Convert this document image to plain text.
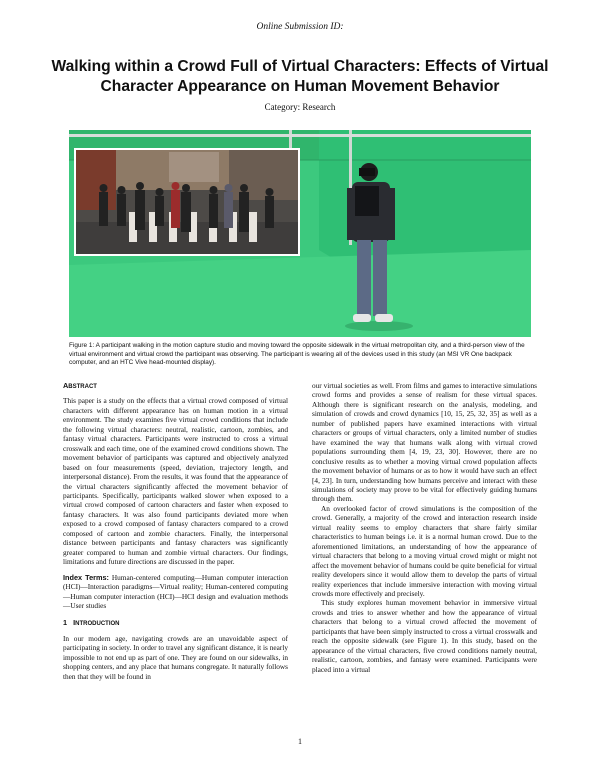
Online Submission ID:
Walking within a Crowd Full of Virtual Characters: Effects of Virtual Character Appearance on Human Movement Behavior
Category: Research
Figure 1: A participant walking in the motion capture studio and moving toward the opposite sidewalk in the virtual metropolitan city, and a third-person view of the virtual environment and virtual crowd the participant was observing. The participant is wearing all of the devices used in this study (an MSI VR One backpack computer, and an HTC Vive head-mounted display).
ABSTRACT

This paper is a study on the effects that a virtual crowd composed of virtual characters with different appearance has on human motion in a virtual environment. The study examines five virtual crowd conditions that include the following virtual characters: neutral, realistic, cartoon, zombies, and fantasy virtual characters. Participants were instructed to cross a virtual crosswalk and each time, one of the examined crowd conditions shown. The movement behavior of participants was captured and objectively analyzed based on four measurements (speed, deviation, trajectory length, and interpersonal distance). From the results, it was found that the appearance of the virtual characters significantly affected the movement behavior of participants. Specifically, participants walked slower when exposed to a virtual crowd composed of cartoon characters and faster when exposed to fantasy characters. It was also found participants deviated more when exposed to a crowd composed of fantasy characters compared to a crowd composed of cartoon and zombie characters. Finally, the interpersonal distance between participants and fantasy characters was significantly greater compared to human and zombie virtual characters. Our findings, limitations and future directions are discussed in the paper.

Index Terms: Human-centered computing—Human computer interaction (HCI)—Interaction paradigms—Virtual reality; Human-centered computing—Human computer interaction (HCI)—HCI design and evaluation methods—User studies

1   INTRODUCTION

In our modern age, navigating crowds are an unavoidable aspect of participating in society. In order to travel any significant distance, it is nearly impossible to not end up as part of one. They are found on our sidewalks, in shopping centers, and any place that humans congregate. It naturally follows then that they will be found in

our virtual societies as well. From films and games to interactive simulations crowd forms and provides a sense of realism for these virtual spaces. Although there is significant research on the analysis, modeling, and simulation of crowds and crowd dynamics [10, 15, 25, 32, 35] as well as a number of published papers have examined interactions with virtual characters or groups of virtual characters, only a limited number of studies have examined the way that humans walk along with virtual crowd populations surrounding them [4, 19, 23, 30]. However, there are no conclusive results as to whether a moving virtual crowd population affects the movement behavior of humans or as to how it would have such an effect [4, 23]. In turn, understanding how humans perceive and interact with these simulations of society may prove to be vital for effectively guiding humans through them.

An overlooked factor of crowd simulations is the composition of the crowd. Generally, a majority of the crowd and interaction research inside virtual reality seems to employ characters that share fairly similar characteristics to human beings i.e. it is a normal human crowd. Due to the aforementioned limitations, an understanding of how the appearance of virtual characters that belong to a moving virtual crowd might or might not affect the movement behavior of humans could be quite beneficial for virtual reality developers since it would allow them to develop the parts of virtual reality experiences that include immersive interaction with moving virtual crowds more effectively and precisely.

This study explores human movement behavior in immersive virtual crowds and tries to answer whether and how the appearance of virtual characters that belong to a virtual crowd affected the movement of participants that have been simply instructed to cross a virtual crosswalk and reach the opposite sidewalk (see Figure 1). In this study, based on the appearance of the virtual characters, five crowd conditions namely neutral, realistic, cartoon, zombies, and fantasy were examined. Participants were placed into a virtual

1
